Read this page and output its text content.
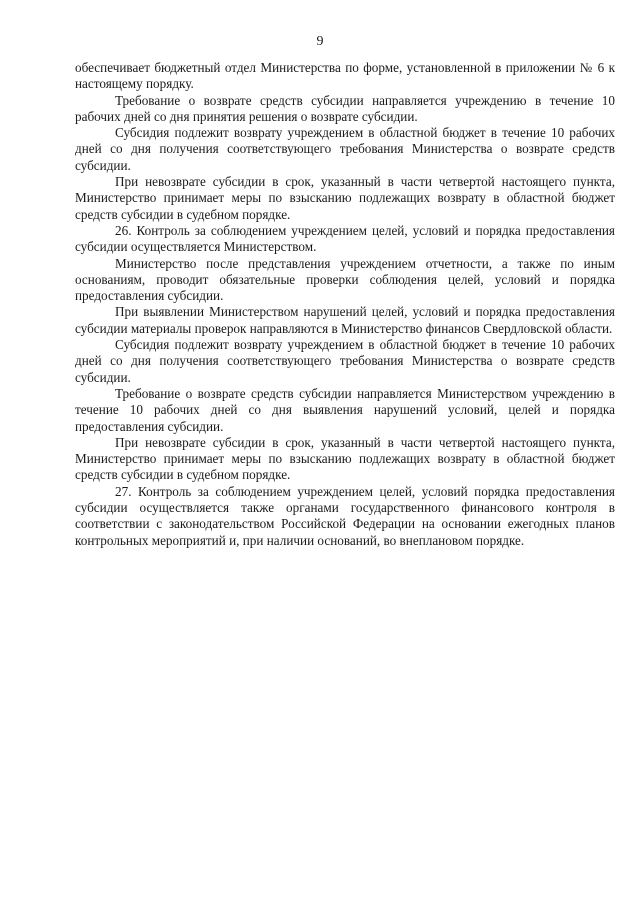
9

обеспечивает бюджетный отдел Министерства по форме, установленной в приложении № 6 к настоящему порядку.

Требование о возврате средств субсидии направляется учреждению в течение 10 рабочих дней со дня принятия решения о возврате субсидии.

Субсидия подлежит возврату учреждением в областной бюджет в течение 10 рабочих дней со дня получения соответствующего требования Министерства о возврате средств субсидии.

При невозврате субсидии в срок, указанный в части четвертой настоящего пункта, Министерство принимает меры по взысканию подлежащих возврату в областной бюджет средств субсидии в судебном порядке.

26. Контроль за соблюдением учреждением целей, условий и порядка предоставления субсидии осуществляется Министерством.

Министерство после представления учреждением отчетности, а также по иным основаниям, проводит обязательные проверки соблюдения целей, условий и порядка предоставления субсидии.

При выявлении Министерством нарушений целей, условий и порядка предоставления субсидии материалы проверок направляются в Министерство финансов Свердловской области.

Субсидия подлежит возврату учреждением в областной бюджет в течение 10 рабочих дней со дня получения соответствующего требования Министерства о возврате средств субсидии.

Требование о возврате средств субсидии направляется Министерством учреждению в течение 10 рабочих дней со дня выявления нарушений условий, целей и порядка предоставления субсидии.

При невозврате субсидии в срок, указанный в части четвертой настоящего пункта, Министерство принимает меры по взысканию подлежащих возврату в областной бюджет средств субсидии в судебном порядке.

27. Контроль за соблюдением учреждением целей, условий порядка предоставления субсидии осуществляется также органами государственного финансового контроля в соответствии с законодательством Российской Федерации на основании ежегодных планов контрольных мероприятий и, при наличии оснований, во внеплановом порядке.
